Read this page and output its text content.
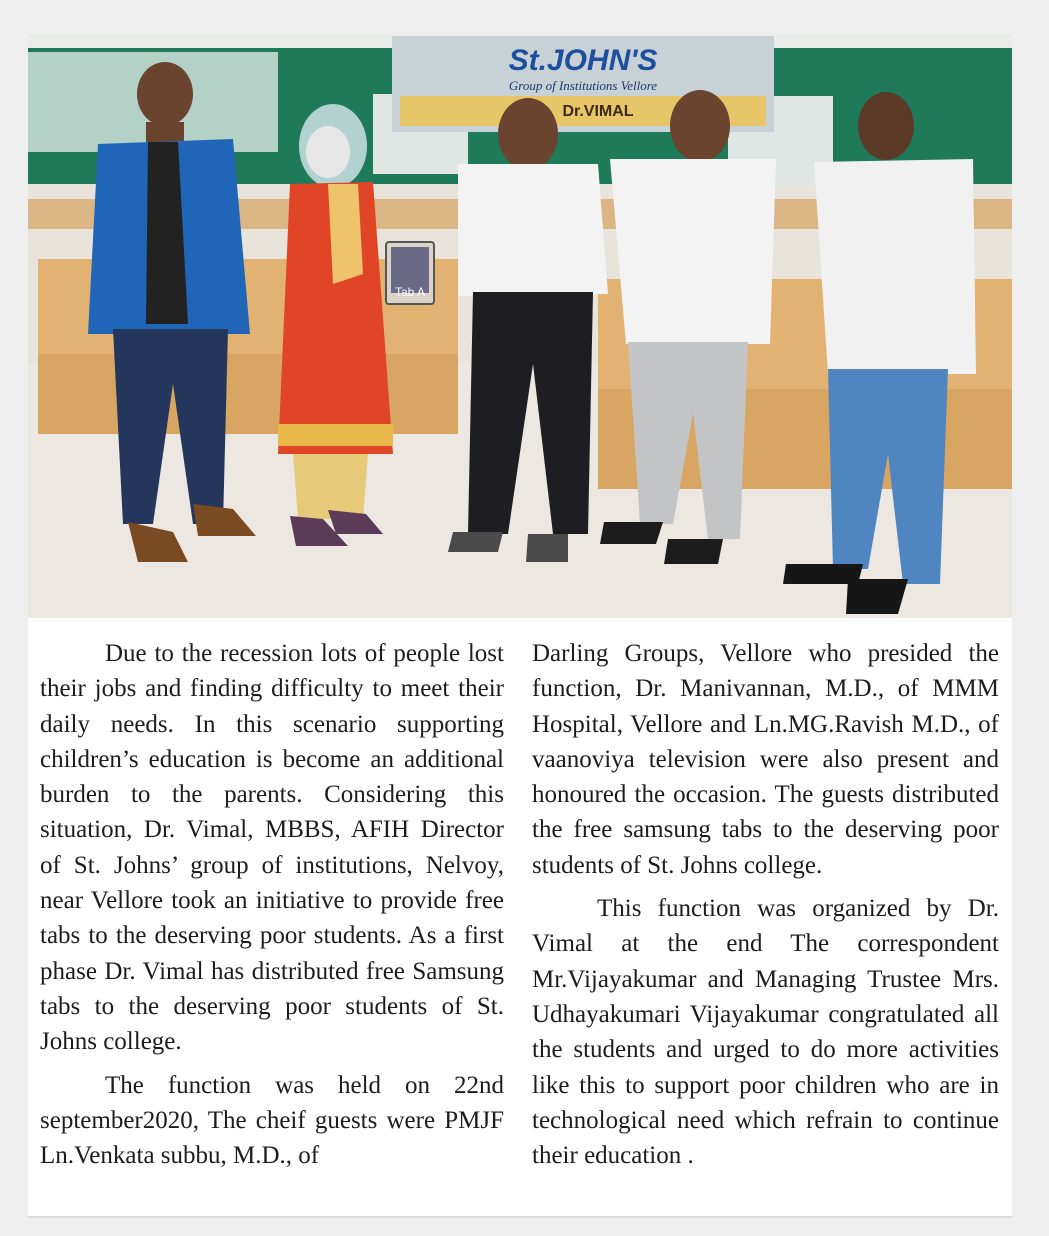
St.JOHN'S
Group of Institutions Vellore
Dr.VIMAL
Tab A

Due to the recession lots of people lost their jobs and finding difficulty to meet their daily needs. In this scenario supporting children’s education is become an additional burden to the parents. Considering this situation, Dr. Vimal, MBBS, AFIH Director of St. Johns’ group of institutions, Nelvoy, near Vellore took an initiative to provide free tabs to the deserving poor students. As a first phase Dr. Vimal has distributed free Samsung tabs to the deserving poor students of St. Johns college.

The function was held on 22nd september2020, The cheif guests were PMJF Ln.Venkata subbu, M.D., of

Darling Groups, Vellore who presided the function, Dr. Manivannan, M.D., of MMM Hospital, Vellore and Ln.MG.Ravish M.D., of vaanoviya television were also present and honoured the occasion. The guests distributed the free samsung tabs to the deserving poor students of St. Johns college.

This function was organized by Dr. Vimal at the end The correspondent Mr.Vijayakumar and Managing Trustee Mrs. Udhayakumari Vijayakumar congratulated all the students and urged to do more activities like this to support poor children who are in technological need which refrain to continue their education .
